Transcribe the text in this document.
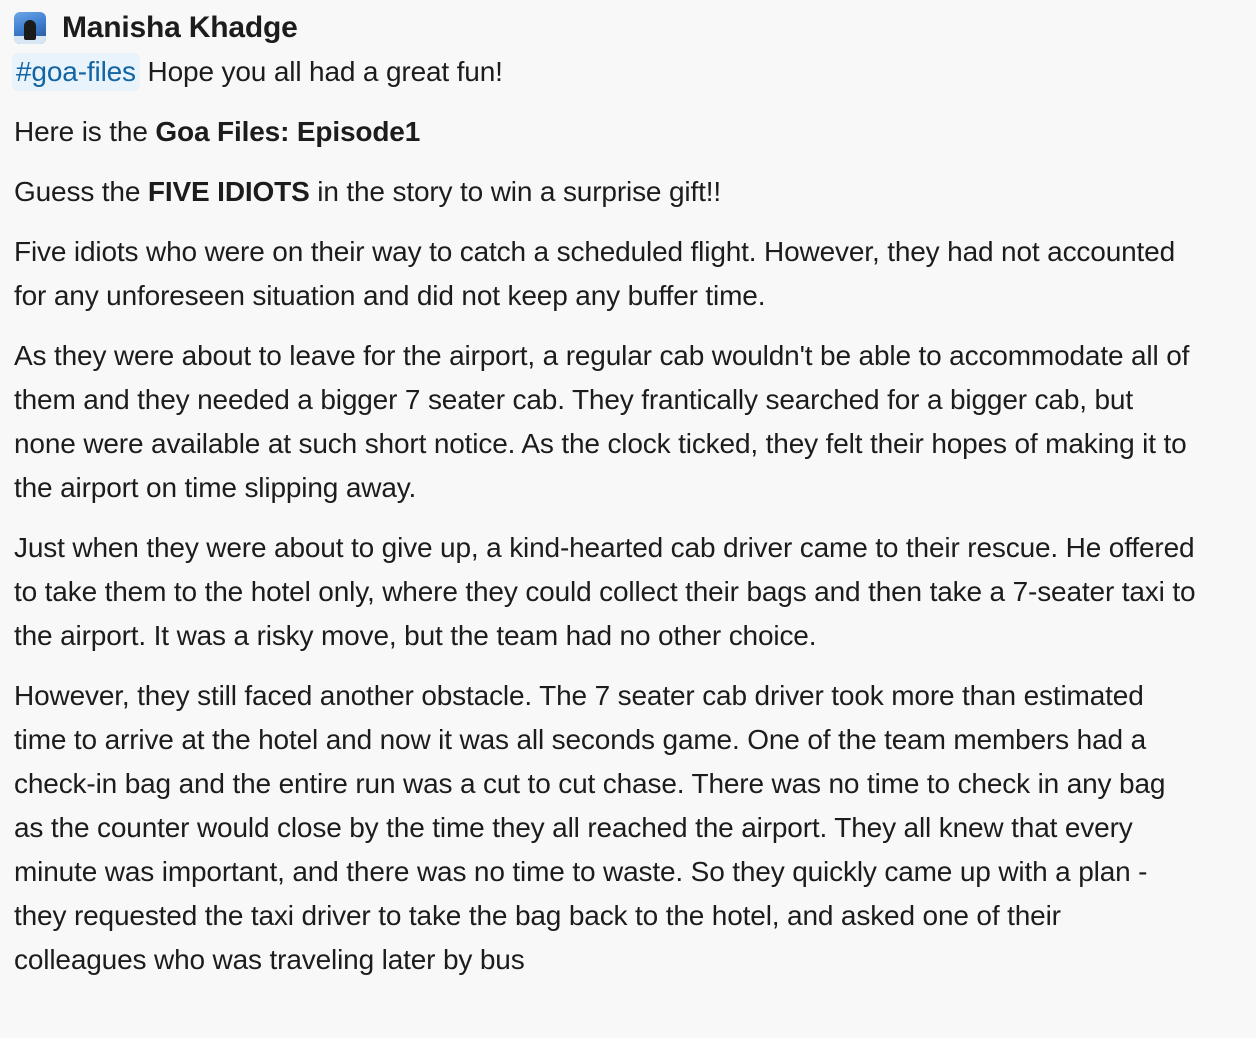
Manisha Khadge

#goa-files Hope you all had a great fun!

Here is the Goa Files: Episode1

Guess the FIVE IDIOTS in the story to win a surprise gift!!

Five idiots who were on their way to catch a scheduled flight. However, they had not accounted for any unforeseen situation and did not keep any buffer time.

As they were about to leave for the airport, a regular cab wouldn't be able to accommodate all of them and they needed a bigger 7 seater cab. They frantically searched for a bigger cab, but none were available at such short notice. As the clock ticked, they felt their hopes of making it to the airport on time slipping away.

Just when they were about to give up, a kind-hearted cab driver came to their rescue. He offered to take them to the hotel only, where they could collect their bags and then take a 7-seater taxi to the airport. It was a risky move, but the team had no other choice.

However, they still faced another obstacle. The 7 seater cab driver took more than estimated time to arrive at the hotel and now it was all seconds game. One of the team members had a check-in bag and the entire run was a cut to cut chase. There was no time to check in any bag as the counter would close by the time they all reached the airport. They all knew that every minute was important, and there was no time to waste. So they quickly came up with a plan - they requested the taxi driver to take the bag back to the hotel, and asked one of their colleagues who was traveling later by bus
